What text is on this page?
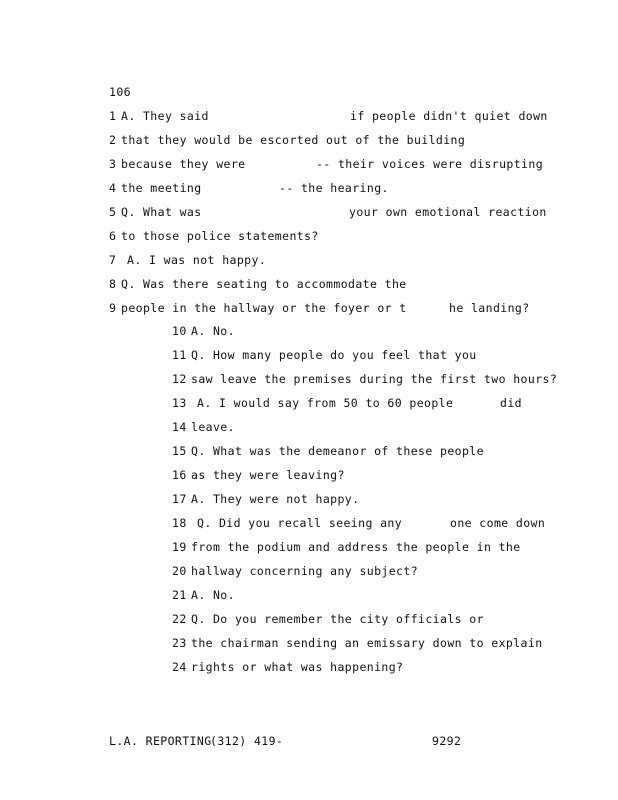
106
1 A. They said	if people didn't quiet down
2 that they would be escorted out of the building
3 because they were	-- their voices were disrupting
4 the meeting	-- the hearing.
5 Q. What was	your own emotional reaction
6 to those police statements?
7 A. I was not happy.
8 Q. Was there seating to accommodate the
9 people in the hallway or the foyer or t	he landing?
10 A. No.
11 Q. How many people do you feel that you
12 saw leave the premises during the first two hours?
13 A. I would say from 50 to 60 people	did
14 leave.
15 Q. What was the demeanor of these people
16 as they were leaving?
17 A. They were not happy.
18 Q. Did you recall seeing any	one come down
19 from the podium and address the people in the
20 hallway concerning any subject?
21 A. No.
22 Q. Do you remember the city officials or
23 the chairman sending an emissary down to explain
24 rights or what was happening?
L.A. REPORTING
(312) 419-	9292
